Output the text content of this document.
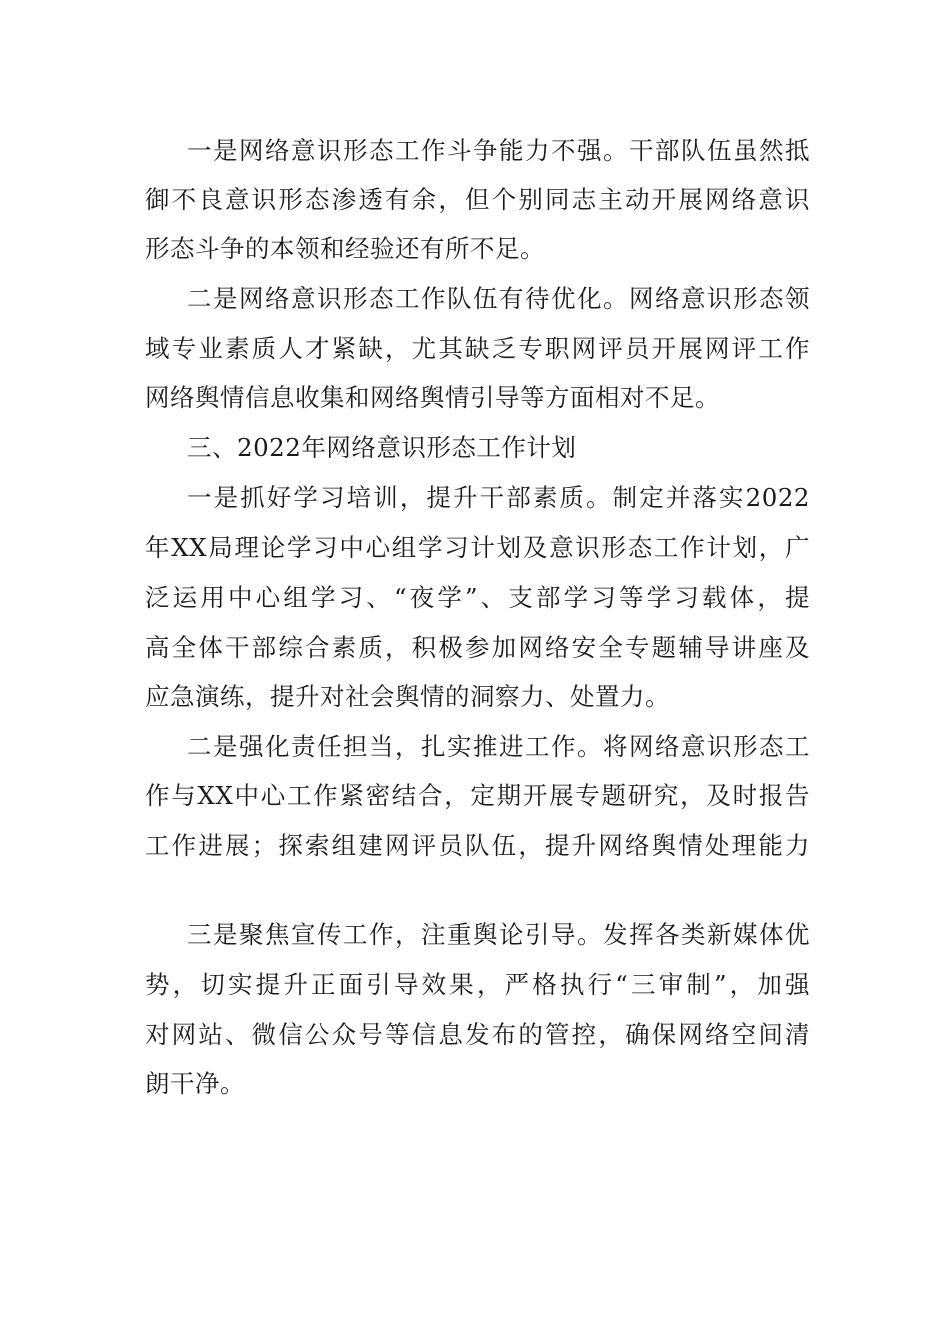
一是网络意识形态工作斗争能力不强。干部队伍虽然抵
御不良意识形态渗透有余，但个别同志主动开展网络意识
形态斗争的本领和经验还有所不足。
二是网络意识形态工作队伍有待优化。网络意识形态领
域专业素质人才紧缺，尤其缺乏专职网评员开展网评工作
网络舆情信息收集和网络舆情引导等方面相对不足。
三、2022年网络意识形态工作计划
一是抓好学习培训，提升干部素质。制定并落实2022
年XX局理论学习中心组学习计划及意识形态工作计划，广
泛运用中心组学习、“夜学”、支部学习等学习载体，提
高全体干部综合素质，积极参加网络安全专题辅导讲座及
应急演练，提升对社会舆情的洞察力、处置力。
二是强化责任担当，扎实推进工作。将网络意识形态工
作与XX中心工作紧密结合，定期开展专题研究，及时报告
工作进展；探索组建网评员队伍，提升网络舆情处理能力
三是聚焦宣传工作，注重舆论引导。发挥各类新媒体优
势，切实提升正面引导效果，严格执行“三审制”，加强
对网站、微信公众号等信息发布的管控，确保网络空间清
朗干净。
